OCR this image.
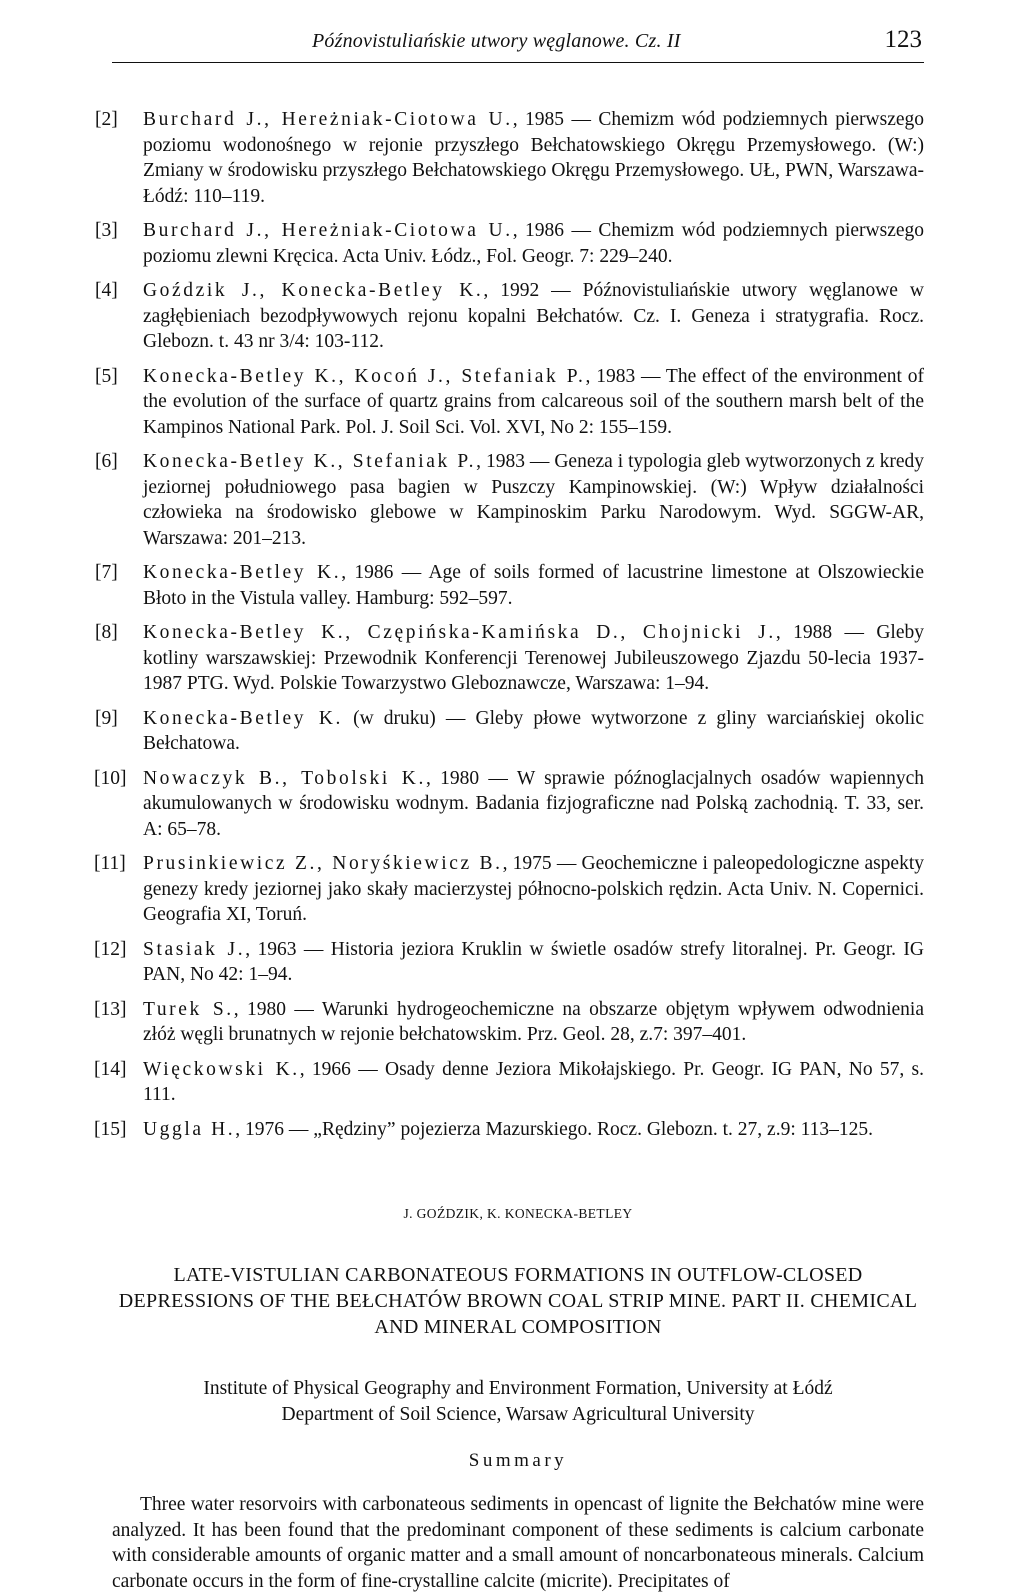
Późnovistuliańskie utwory węglanowe. Cz. II	123
[2] Burchard J., Hereżniak-Ciotowa U., 1985 — Chemizm wód podziemnych pierwszego poziomu wodonośnego w rejonie przyszłego Bełchatowskiego Okręgu Przemysłowego. (W:) Zmiany w środowisku przyszłego Bełchatowskiego Okręgu Przemysłowego. UŁ, PWN, Warszawa-Łódź: 110–119.
[3] Burchard J., Hereżniak-Ciotowa U., 1986 — Chemizm wód podziemnych pierwszego poziomu zlewni Kręcica. Acta Univ. Łódz., Fol. Geogr. 7: 229–240.
[4] Goździk J., Konecka-Betley K., 1992 — Późnovistuliańskie utwory węglanowe w zagłębieniach bezodpływowych rejonu kopalni Bełchatów. Cz. I. Geneza i stratygrafia. Rocz. Glebozn. t. 43 nr 3/4: 103-112.
[5] Konecka-Betley K., Kocoń J., Stefaniak P., 1983 — The effect of the environment of the evolution of the surface of quartz grains from calcareous soil of the southern marsh belt of the Kampinos National Park. Pol. J. Soil Sci. Vol. XVI, No 2: 155–159.
[6] Konecka-Betley K., Stefaniak P., 1983 — Geneza i typologia gleb wytworzonych z kredy jeziornej południowego pasa bagien w Puszczy Kampinowskiej. (W:) Wpływ działalności człowieka na środowisko glebowe w Kampinoskim Parku Narodowym. Wyd. SGGW-AR, Warszawa: 201–213.
[7] Konecka-Betley K., 1986 — Age of soils formed of lacustrine limestone at Olszowieckie Błoto in the Vistula valley. Hamburg: 592–597.
[8] Konecka-Betley K., Czępińska-Kamińska D., Chojnicki J., 1988 — Gleby kotliny warszawskiej: Przewodnik Konferencji Terenowej Jubileuszowego Zjazdu 50-lecia 1937-1987 PTG. Wyd. Polskie Towarzystwo Gleboznawcze, Warszawa: 1–94.
[9] Konecka-Betley K. (w druku) — Gleby płowe wytworzone z gliny warciańskiej okolic Bełchatowa.
[10] Nowaczyk B., Tobolski K., 1980 — W sprawie późnoglacjalnych osadów wapiennych akumulowanych w środowisku wodnym. Badania fizjograficzne nad Polską zachodnią. T. 33, ser. A: 65–78.
[11] Prusinkiewicz Z., Noryśkiewicz B., 1975 — Geochemiczne i paleopedologiczne aspekty genezy kredy jeziornej jako skały macierzystej północno-polskich rędzin. Acta Univ. N. Copernici. Geografia XI, Toruń.
[12] Stasiak J., 1963 — Historia jeziora Kruklin w świetle osadów strefy litoralnej. Pr. Geogr. IG PAN, No 42: 1–94.
[13] Turek S., 1980 — Warunki hydrogeochemiczne na obszarze objętym wpływem odwodnienia złóż węgli brunatnych w rejonie bełchatowskim. Prz. Geol. 28, z.7: 397–401.
[14] Więckowski K., 1966 — Osady denne Jeziora Mikołajskiego. Pr. Geogr. IG PAN, No 57, s. 111.
[15] Uggla H., 1976 — „Rędziny” pojezierza Mazurskiego. Rocz. Glebozn. t. 27, z.9: 113–125.
J. GOŹDZIK, K. KONECKA-BETLEY
LATE-VISTULIAN CARBONATEOUS FORMATIONS IN OUTFLOW-CLOSED DEPRESSIONS OF THE BEŁCHATÓW BROWN COAL STRIP MINE. PART II. CHEMICAL AND MINERAL COMPOSITION
Institute of Physical Geography and Environment Formation, University at Łódź
Department of Soil Science, Warsaw Agricultural University
Summary
Three water resorvoirs with carbonateous sediments in opencast of lignite the Bełchatów mine were analyzed. It has been found that the predominant component of these sediments is calcium carbonate with considerable amounts of organic matter and a small amount of noncarbonateous minerals. Calcium carbonate occurs in the form of fine-crystalline calcite (micrite). Precipitates of
